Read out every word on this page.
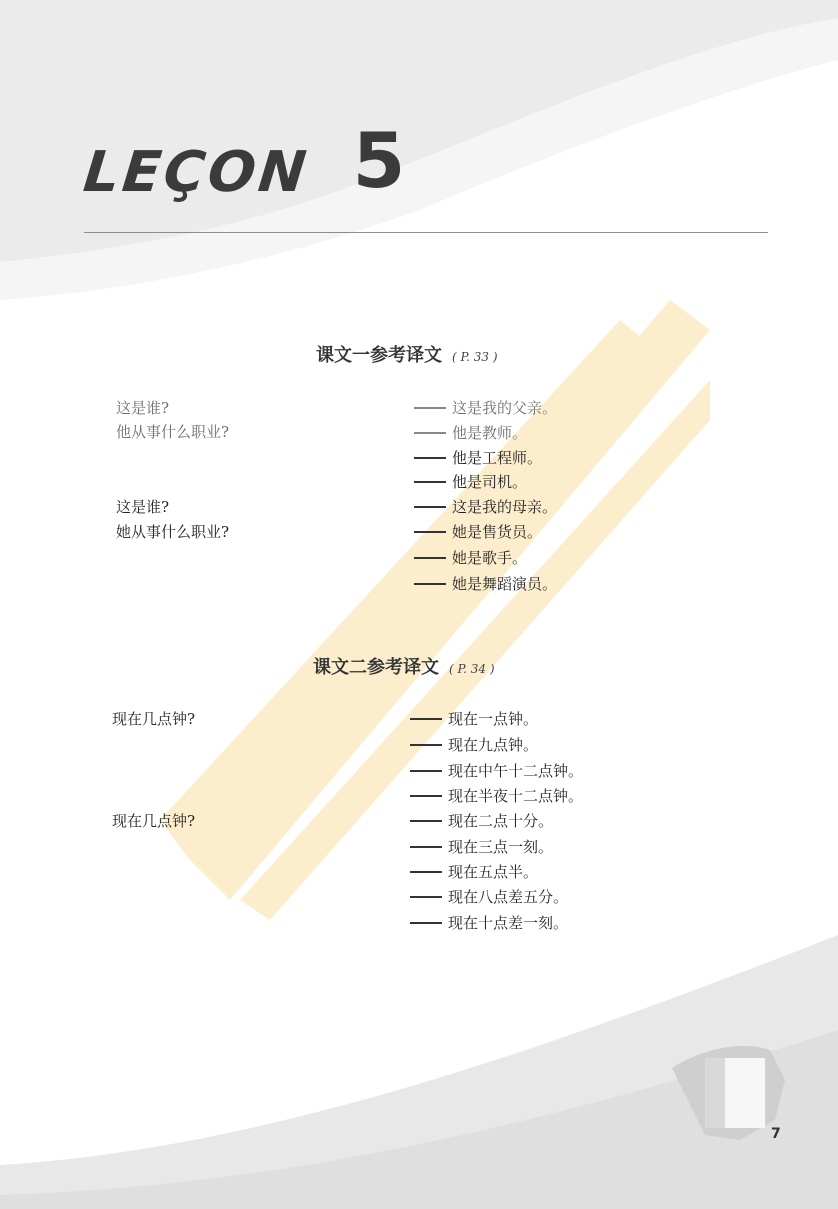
LEÇON 5
课文一参考译文 ( P. 33 )
这是谁?
他从事什么职业?
这是谁?
她从事什么职业?
这是我的父亲。
他是教师。
他是工程师。
他是司机。
这是我的母亲。
她是售货员。
她是歌手。
她是舞蹈演员。
课文二参考译文 ( P. 34 )
现在几点钟?
现在几点钟?
现在一点钟。
现在九点钟。
现在中午十二点钟。
现在半夜十二点钟。
现在二点十分。
现在三点一刻。
现在五点半。
现在八点差五分。
现在十点差一刻。
7
